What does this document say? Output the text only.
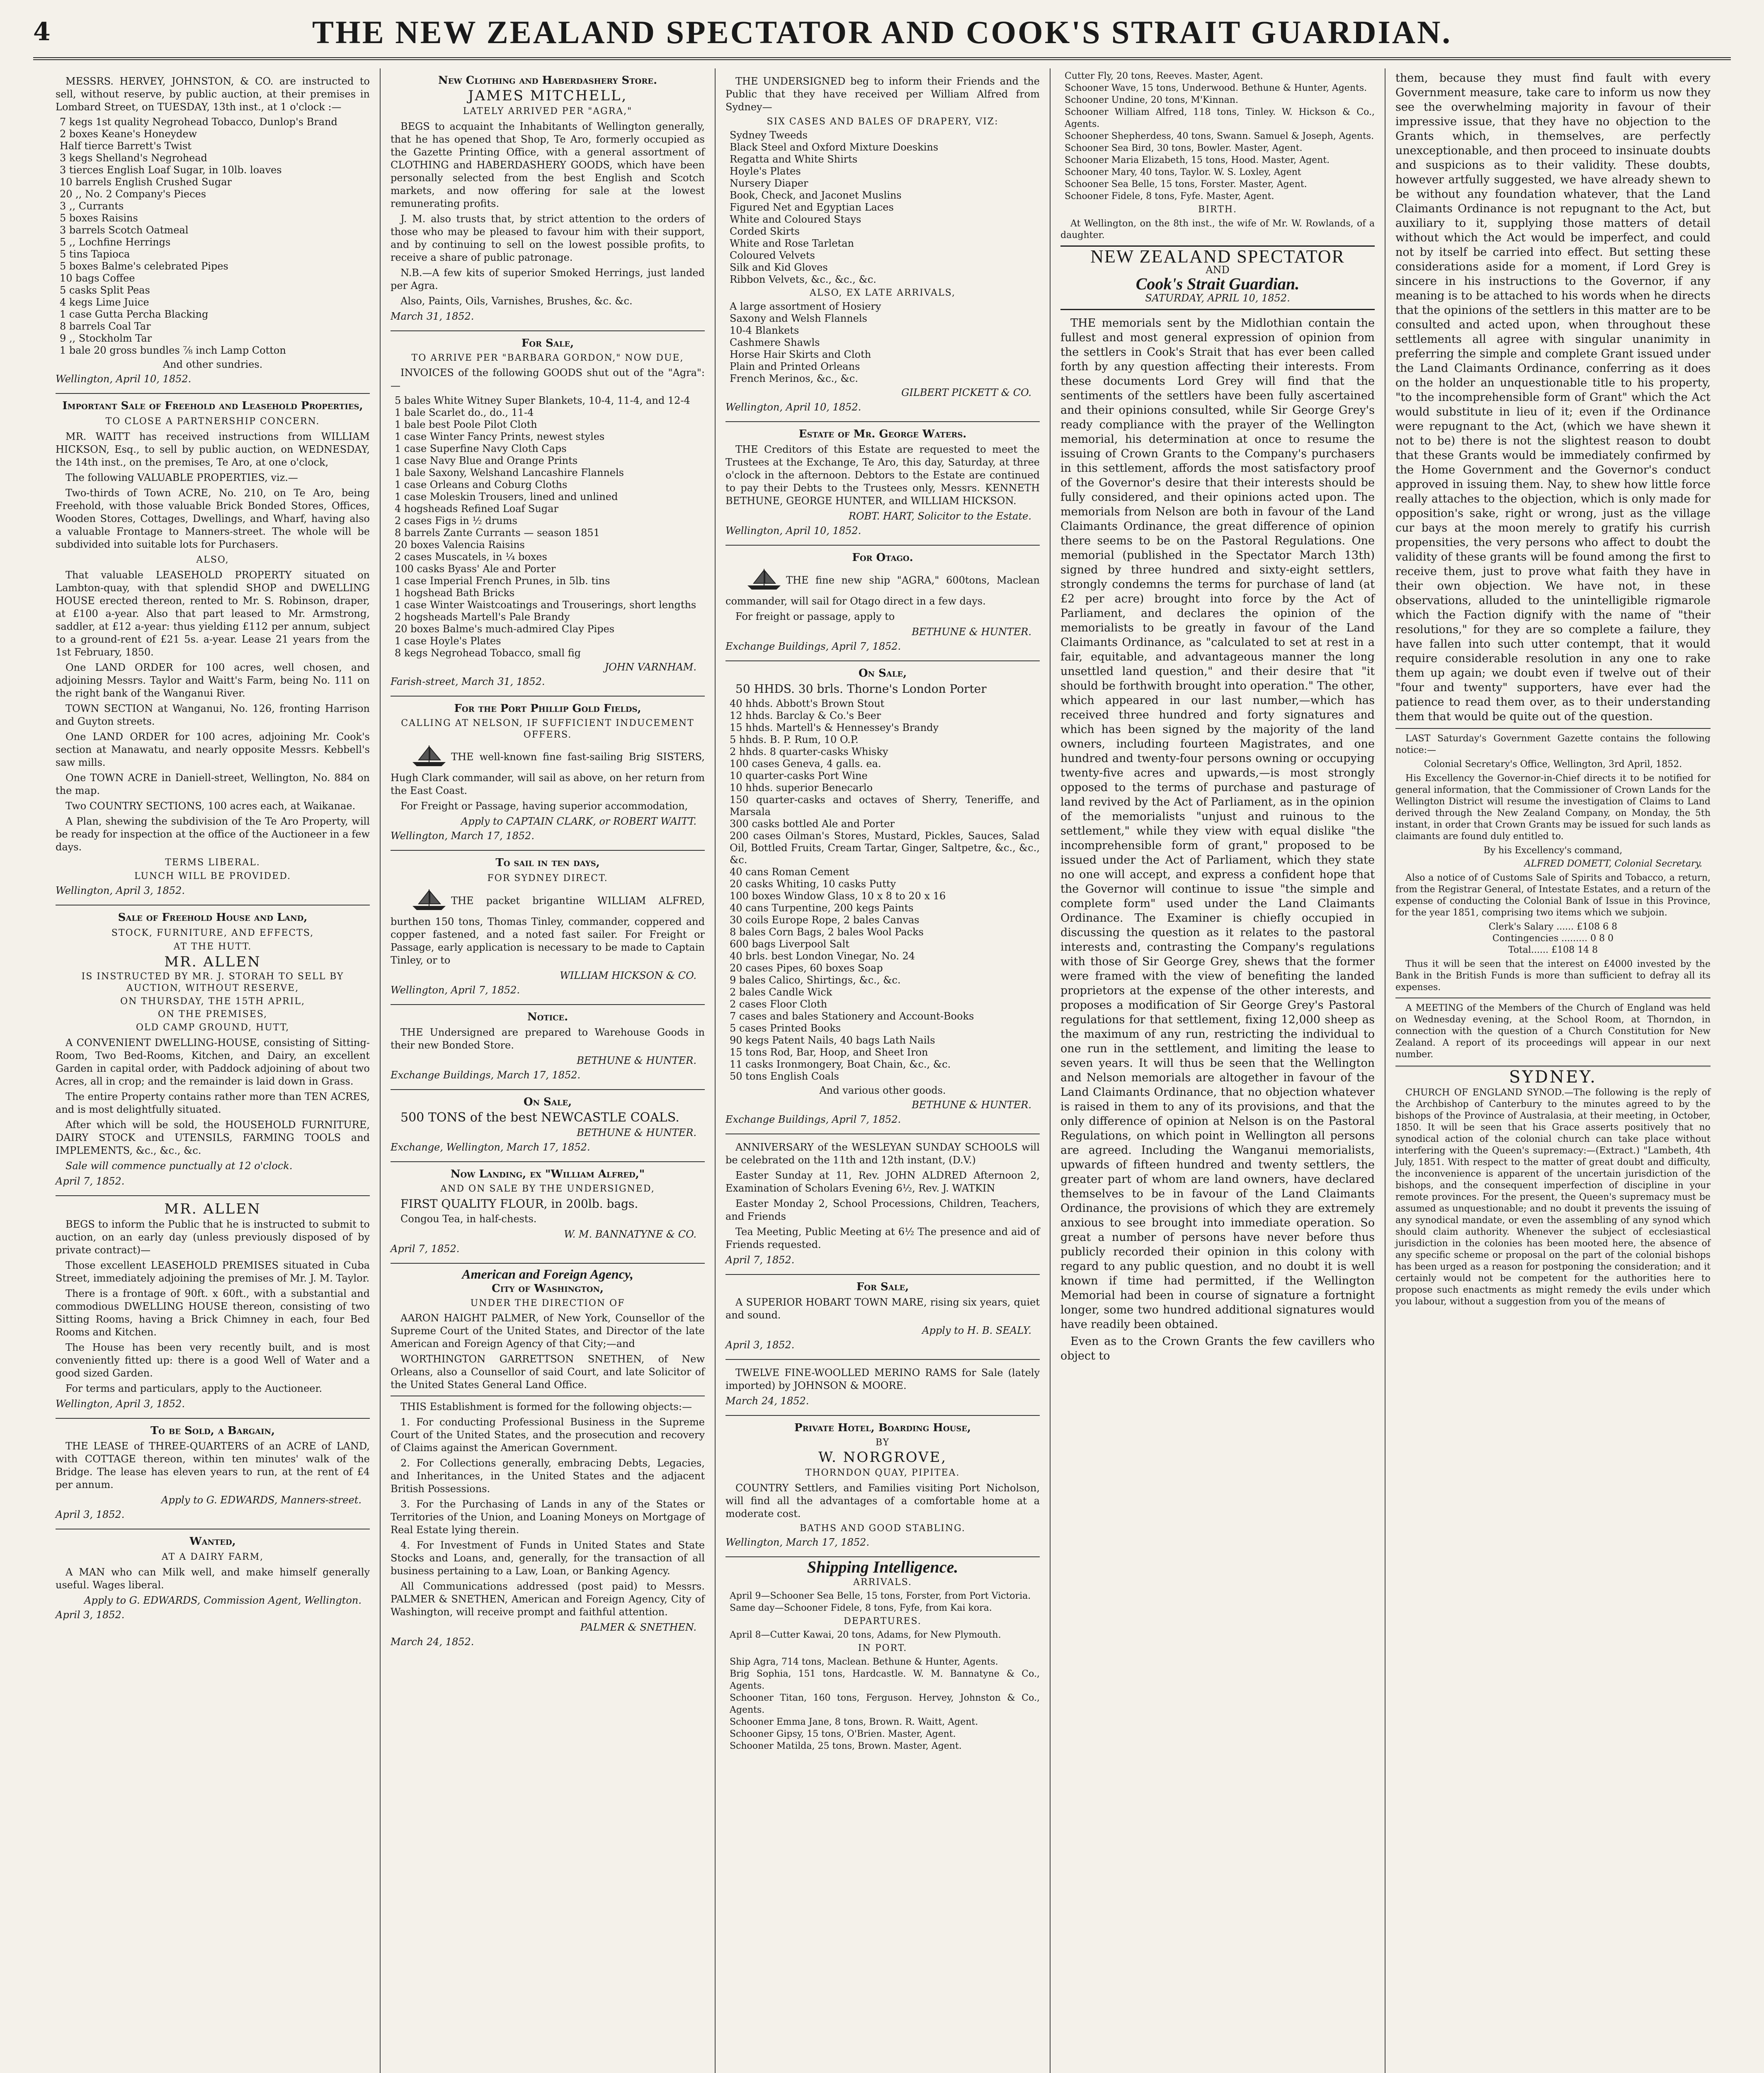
4	THE NEW ZEALAND SPECTATOR AND COOK'S STRAIT GUARDIAN.
MESSRS. HERVEY, JOHNSTON, & CO. are instructed to sell, without reserve, by public auction, at their premises in Lombard Street, on TUESDAY, 13th inst., at 1 o'clock :—
7 kegs 1st quality Negrohead Tobacco, Dunlop's Brand
2 boxes Keane's Honeydew
Half tierce Barrett's Twist
3 kegs Shelland's Negrohead
3 tierces English Loaf Sugar, in 10lb. loaves
10 barrels English Crushed Sugar
20 ,, No. 2 Company's Pieces
3 ,, Currants
5 boxes Raisins
3 barrels Scotch Oatmeal
5 ,, Lochfine Herrings
5 tins Tapioca
5 boxes Balme's celebrated Pipes
10 bags Coffee
5 casks Split Peas
4 kegs Lime Juice
1 case Gutta Percha Blacking
8 barrels Coal Tar
9 ,, Stockholm Tar
1 bale 20 gross bundles ⅞ inch Lamp Cotton
And other sundries.
Wellington, April 10, 1852.
Important Sale of Freehold and Leasehold Properties,
TO CLOSE A PARTNERSHIP CONCERN.
MR. WAITT has received instructions from WILLIAM HICKSON, Esq., to sell by public auction, on WEDNESDAY, the 14th inst., on the premises, Te Aro, at one o'clock,
The following VALUABLE PROPERTIES, viz.—
Two-thirds of Town ACRE, No. 210, on Te Aro, being Freehold, with those valuable Brick Bonded Stores, Offices, Wooden Stores, Cottages, Dwellings, and Wharf, having also a valuable Frontage to Manners-street. The whole will be subdivided into suitable lots for Purchasers.
ALSO,
That valuable LEASEHOLD PROPERTY situated on Lambton-quay, with that splendid SHOP and DWELLING HOUSE erected thereon, rented to Mr. S. Robinson, draper, at £100 a-year. Also that part leased to Mr. Armstrong, saddler, at £12 a-year: thus yielding £112 per annum, subject to a ground-rent of £21 5s. a-year. Lease 21 years from the 1st February, 1850.
One LAND ORDER for 100 acres, well chosen, and adjoining Messrs. Taylor and Waitt's Farm, being No. 111 on the right bank of the Wanganui River.
TOWN SECTION at Wanganui, No. 126, fronting Harrison and Guyton streets.
One LAND ORDER for 100 acres, adjoining Mr. Cook's section at Manawatu, and nearly opposite Messrs. Kebbell's saw mills.
One TOWN ACRE in Daniell-street, Wellington, No. 884 on the map.
Two COUNTRY SECTIONS, 100 acres each, at Waikanae.
A Plan, shewing the subdivision of the Te Aro Property, will be ready for inspection at the office of the Auctioneer in a few days.
TERMS LIBERAL.
LUNCH WILL BE PROVIDED.
Wellington, April 3, 1852.
Sale of Freehold House and Land,
STOCK, FURNITURE, AND EFFECTS,
AT THE HUTT.
MR. ALLEN
IS INSTRUCTED BY MR. J. STORAH TO SELL BY AUCTION, WITHOUT RESERVE,
ON THURSDAY, THE 15TH APRIL,
ON THE PREMISES,
OLD CAMP GROUND, HUTT,
A CONVENIENT DWELLING-HOUSE, consisting of Sitting-Room, Two Bed-Rooms, Kitchen, and Dairy, an excellent Garden in capital order, with Paddock adjoining of about two Acres, all in crop; and the remainder is laid down in Grass.
The entire Property contains rather more than TEN ACRES, and is most delightfully situated.
After which will be sold, the HOUSEHOLD FURNITURE, DAIRY STOCK and UTENSILS, FARMING TOOLS and IMPLEMENTS, &c., &c., &c.
Sale will commence punctually at 12 o'clock.
April 7, 1852.
MR. ALLEN
BEGS to inform the Public that he is instructed to submit to auction, on an early day (unless previously disposed of by private contract)—
Those excellent LEASEHOLD PREMISES situated in Cuba Street, immediately adjoining the premises of Mr. J. M. Taylor.
There is a frontage of 90ft. x 60ft., with a substantial and commodious DWELLING HOUSE thereon, consisting of two Sitting Rooms, having a Brick Chimney in each, four Bed Rooms and Kitchen.
The House has been very recently built, and is most conveniently fitted up: there is a good Well of Water and a good sized Garden.
For terms and particulars, apply to the Auctioneer.
Wellington, April 3, 1852.
To be Sold, a Bargain,
THE LEASE of THREE-QUARTERS of an ACRE of LAND, with COTTAGE thereon, within ten minutes' walk of the Bridge. The lease has eleven years to run, at the rent of £4 per annum.
Apply to G. EDWARDS, Manners-street.
April 3, 1852.
Wanted,
AT A DAIRY FARM,
A MAN who can Milk well, and make himself generally useful. Wages liberal.
Apply to G. EDWARDS, Commission Agent, Wellington.
April 3, 1852.
New Clothing and Haberdashery Store.
JAMES MITCHELL,
LATELY ARRIVED PER "AGRA,"
BEGS to acquaint the Inhabitants of Wellington generally, that he has opened that Shop, Te Aro, formerly occupied as the Gazette Printing Office, with a general assortment of CLOTHING and HABERDASHERY GOODS, which have been personally selected from the best English and Scotch markets, and now offering for sale at the lowest remunerating profits.
J. M. also trusts that, by strict attention to the orders of those who may be pleased to favour him with their support, and by continuing to sell on the lowest possible profits, to receive a share of public patronage.
N.B.—A few kits of superior Smoked Herrings, just landed per Agra.
Also, Paints, Oils, Varnishes, Brushes, &c. &c.
March 31, 1852.
For Sale,
TO ARRIVE PER "BARBARA GORDON," NOW DUE,
INVOICES of the following GOODS shut out of the "Agra":—
5 bales White Witney Super Blankets, 10-4, 11-4, and 12-4
1 bale Scarlet do., do., 11-4
1 bale best Poole Pilot Cloth
1 case Winter Fancy Prints, newest styles
1 case Superfine Navy Cloth Caps
1 case Navy Blue and Orange Prints
1 bale Saxony, Welshand Lancashire Flannels
1 case Orleans and Coburg Cloths
1 case Moleskin Trousers, lined and unlined
4 hogsheads Refined Loaf Sugar
2 cases Figs in ½ drums
8 barrels Zante Currants — season 1851
20 boxes Valencia Raisins
2 cases Muscatels, in ¼ boxes
100 casks Byass' Ale and Porter
1 case Imperial French Prunes, in 5lb. tins
1 hogshead Bath Bricks
1 case Winter Waistcoatings and Trouserings, short lengths
2 hogsheads Martell's Pale Brandy
20 boxes Balme's much-admired Clay Pipes
1 case Hoyle's Plates
8 kegs Negrohead Tobacco, small fig
JOHN VARNHAM.
Farish-street, March 31, 1852.
For the Port Phillip Gold Fields,
CALLING AT NELSON, IF SUFFICIENT INDUCEMENT OFFERS.
THE well-known fine fast-sailing Brig SISTERS, Hugh Clark commander, will sail as above, on her return from the East Coast.
For Freight or Passage, having superior accommodation,
Apply to CAPTAIN CLARK, or ROBERT WAITT.
Wellington, March 17, 1852.
To sail in ten days,
FOR SYDNEY DIRECT.
THE packet brigantine WILLIAM ALFRED, burthen 150 tons, Thomas Tinley, commander, coppered and copper fastened, and a noted fast sailer. For Freight or Passage, early application is necessary to be made to Captain Tinley, or to
WILLIAM HICKSON & CO.
Wellington, April 7, 1852.
Notice.
THE Undersigned are prepared to Warehouse Goods in their new Bonded Store.
BETHUNE & HUNTER.
Exchange Buildings, March 17, 1852.
On Sale,
500 TONS of the best NEWCASTLE COALS.
BETHUNE & HUNTER.
Exchange, Wellington, March 17, 1852.
Now Landing, ex "William Alfred,"
AND ON SALE BY THE UNDERSIGNED,
FIRST QUALITY FLOUR, in 200lb. bags.
Congou Tea, in half-chests.
W. M. BANNATYNE & CO.
April 7, 1852.
American and Foreign Agency,
City of Washington,
UNDER THE DIRECTION OF
AARON HAIGHT PALMER, of New York, Counsellor of the Supreme Court of the United States, and Director of the late American and Foreign Agency of that City;—and
WORTHINGTON GARRETTSON SNETHEN, of New Orleans, also a Counsellor of said Court, and late Solicitor of the United States General Land Office.
THIS Establishment is formed for the following objects:—
1. For conducting Professional Business in the Supreme Court of the United States, and the prosecution and recovery of Claims against the American Government.
2. For Collections generally, embracing Debts, Legacies, and Inheritances, in the United States and the adjacent British Possessions.
3. For the Purchasing of Lands in any of the States or Territories of the Union, and Loaning Moneys on Mortgage of Real Estate lying therein.
4. For Investment of Funds in United States and State Stocks and Loans, and, generally, for the transaction of all business pertaining to a Law, Loan, or Banking Agency.
All Communications addressed (post paid) to Messrs. PALMER & SNETHEN, American and Foreign Agency, City of Washington, will receive prompt and faithful attention.
PALMER & SNETHEN.
March 24, 1852.
THE UNDERSIGNED beg to inform their Friends and the Public that they have received per William Alfred from Sydney—
SIX CASES AND BALES OF DRAPERY, VIZ:
Sydney Tweeds
Black Steel and Oxford Mixture Doeskins
Regatta and White Shirts
Hoyle's Plates
Nursery Diaper
Book, Check, and Jaconet Muslins
Figured Net and Egyptian Laces
White and Coloured Stays
Corded Skirts
White and Rose Tarletan
Coloured Velvets
Silk and Kid Gloves
Ribbon Velvets, &c., &c., &c.
ALSO, EX LATE ARRIVALS,
A large assortment of Hosiery
Saxony and Welsh Flannels
10-4 Blankets
Cashmere Shawls
Horse Hair Skirts and Cloth
Plain and Printed Orleans
French Merinos, &c., &c.
GILBERT PICKETT & CO.
Wellington, April 10, 1852.
Estate of Mr. George Waters.
THE Creditors of this Estate are requested to meet the Trustees at the Exchange, Te Aro, this day, Saturday, at three o'clock in the afternoon. Debtors to the Estate are continued to pay their Debts to the Trustees only, Messrs. KENNETH BETHUNE, GEORGE HUNTER, and WILLIAM HICKSON.
ROBT. HART, Solicitor to the Estate.
Wellington, April 10, 1852.
For Otago.
THE fine new ship "AGRA," 600tons, Maclean commander, will sail for Otago direct in a few days.
For freight or passage, apply to
BETHUNE & HUNTER.
Exchange Buildings, April 7, 1852.
On Sale,
50 HHDS. 30 brls. Thorne's London Porter
40 hhds. Abbott's Brown Stout
12 hhds. Barclay & Co.'s Beer
15 hhds. Martell's & Hennessey's Brandy
5 hhds. B. P. Rum, 10 O.P.
2 hhds. 8 quarter-casks Whisky
100 cases Geneva, 4 galls. ea.
10 quarter-casks Port Wine
10 hhds. superior Benecarlo
150 quarter-casks and octaves of Sherry, Teneriffe, and Marsala
300 casks bottled Ale and Porter
200 cases Oilman's Stores, Mustard, Pickles, Sauces, Salad Oil, Bottled Fruits, Cream Tartar, Ginger, Saltpetre, &c., &c., &c.
40 cans Roman Cement
20 casks Whiting, 10 casks Putty
100 boxes Window Glass, 10 x 8 to 20 x 16
40 cans Turpentine, 200 kegs Paints
30 coils Europe Rope, 2 bales Canvas
8 bales Corn Bags, 2 bales Wool Packs
600 bags Liverpool Salt
40 brls. best London Vinegar, No. 24
20 cases Pipes, 60 boxes Soap
9 bales Calico, Shirtings, &c., &c.
2 bales Candle Wick
2 cases Floor Cloth
7 cases and bales Stationery and Account-Books
5 cases Printed Books
90 kegs Patent Nails, 40 bags Lath Nails
15 tons Rod, Bar, Hoop, and Sheet Iron
11 casks Ironmongery, Boat Chain, &c., &c.
50 tons English Coals
And various other goods.
BETHUNE & HUNTER.
Exchange Buildings, April 7, 1852.
ANNIVERSARY of the WESLEYAN SUNDAY SCHOOLS will be celebrated on the 11th and 12th instant, (D.V.)
Easter Sunday at 11, Rev. JOHN ALDRED Afternoon 2, Examination of Scholars Evening 6½, Rev. J. WATKIN
Easter Monday 2, School Processions, Children, Teachers, and Friends
Tea Meeting, Public Meeting at 6½ The presence and aid of Friends requested.
April 7, 1852.
For Sale,
A SUPERIOR HOBART TOWN MARE, rising six years, quiet and sound.
Apply to H. B. SEALY.
April 3, 1852.
TWELVE FINE-WOOLLED MERINO RAMS for Sale (lately imported) by JOHNSON & MOORE.
March 24, 1852.
Private Hotel, Boarding House,
BY
W. NORGROVE,
THORNDON QUAY, PIPITEA.
COUNTRY Settlers, and Families visiting Port Nicholson, will find all the advantages of a comfortable home at a moderate cost.
BATHS AND GOOD STABLING.
Wellington, March 17, 1852.
Shipping Intelligence.
ARRIVALS.
April 9—Schooner Sea Belle, 15 tons, Forster, from Port Victoria.
Same day—Schooner Fidele, 8 tons, Fyfe, from Kai kora.
DEPARTURES.
April 8—Cutter Kawai, 20 tons, Adams, for New Plymouth.
IN PORT.
Ship Agra, 714 tons, Maclean. Bethune & Hunter, Agents.
Brig Sophia, 151 tons, Hardcastle. W. M. Bannatyne & Co., Agents.
Schooner Titan, 160 tons, Ferguson. Hervey, Johnston & Co., Agents.
Schooner Emma Jane, 8 tons, Brown. R. Waitt, Agent.
Schooner Gipsy, 15 tons, O'Brien. Master, Agent.
Schooner Matilda, 25 tons, Brown. Master, Agent.
Cutter Fly, 20 tons, Reeves. Master, Agent.
Schooner Wave, 15 tons, Underwood. Bethune & Hunter, Agents.
Schooner Undine, 20 tons, M'Kinnan.
Schooner William Alfred, 118 tons, Tinley. W. Hickson & Co., Agents.
Schooner Shepherdess, 40 tons, Swann. Samuel & Joseph, Agents.
Schooner Sea Bird, 30 tons, Bowler. Master, Agent.
Schooner Maria Elizabeth, 15 tons, Hood. Master, Agent.
Schooner Mary, 40 tons, Taylor. W. S. Loxley, Agent
Schooner Sea Belle, 15 tons, Forster. Master, Agent.
Schooner Fidele, 8 tons, Fyfe. Master, Agent.
BIRTH.
At Wellington, on the 8th inst., the wife of Mr. W. Rowlands, of a daughter.
NEW ZEALAND SPECTATOR
AND
Cook's Strait Guardian.
SATURDAY, APRIL 10, 1852.
THE memorials sent by the Midlothian contain the fullest and most general expression of opinion from the settlers in Cook's Strait that has ever been called forth by any question affecting their interests. From these documents Lord Grey will find that the sentiments of the settlers have been fully ascertained and their opinions consulted, while Sir George Grey's ready compliance with the prayer of the Wellington memorial, his determination at once to resume the issuing of Crown Grants to the Company's purchasers in this settlement, affords the most satisfactory proof of the Governor's desire that their interests should be fully considered, and their opinions acted upon. The memorials from Nelson are both in favour of the Land Claimants Ordinance, the great difference of opinion there seems to be on the Pastoral Regulations. One memorial (published in the Spectator March 13th) signed by three hundred and sixty-eight settlers, strongly condemns the terms for purchase of land (at £2 per acre) brought into force by the Act of Parliament, and declares the opinion of the memorialists to be greatly in favour of the Land Claimants Ordinance, as "calculated to set at rest in a fair, equitable, and advantageous manner the long unsettled land question," and their desire that "it should be forthwith brought into operation." The other, which appeared in our last number,—which has received three hundred and forty signatures and which has been signed by the majority of the land owners, including fourteen Magistrates, and one hundred and twenty-four persons owning or occupying twenty-five acres and upwards,—is most strongly opposed to the terms of purchase and pasturage of land revived by the Act of Parliament, as in the opinion of the memorialists "unjust and ruinous to the settlement," while they view with equal dislike "the incomprehensible form of grant," proposed to be issued under the Act of Parliament, which they state no one will accept, and express a confident hope that the Governor will continue to issue "the simple and complete form" used under the Land Claimants Ordinance. The Examiner is chiefly occupied in discussing the question as it relates to the pastoral interests and, contrasting the Company's regulations with those of Sir George Grey, shews that the former were framed with the view of benefiting the landed proprietors at the expense of the other interests, and proposes a modification of Sir George Grey's Pastoral regulations for that settlement, fixing 12,000 sheep as the maximum of any run, restricting the individual to one run in the settlement, and limiting the lease to seven years. It will thus be seen that the Wellington and Nelson memorials are altogether in favour of the Land Claimants Ordinance, that no objection whatever is raised in them to any of its provisions, and that the only difference of opinion at Nelson is on the Pastoral Regulations, on which point in Wellington all persons are agreed. Including the Wanganui memorialists, upwards of fifteen hundred and twenty settlers, the greater part of whom are land owners, have declared themselves to be in favour of the Land Claimants Ordinance, the provisions of which they are extremely anxious to see brought into immediate operation. So great a number of persons have never before thus publicly recorded their opinion in this colony with regard to any public question, and no doubt it is well known if time had permitted, if the Wellington Memorial had been in course of signature a fortnight longer, some two hundred additional signatures would have readily been obtained.
Even as to the Crown Grants the few cavillers who object to
them, because they must find fault with every Government measure, take care to inform us now they see the overwhelming majority in favour of their impressive issue, that they have no objection to the Grants which, in themselves, are perfectly unexceptionable, and then proceed to insinuate doubts and suspicions as to their validity. These doubts, however artfully suggested, we have already shewn to be without any foundation whatever, that the Land Claimants Ordinance is not repugnant to the Act, but auxiliary to it, supplying those matters of detail without which the Act would be imperfect, and could not by itself be carried into effect. But setting these considerations aside for a moment, if Lord Grey is sincere in his instructions to the Governor, if any meaning is to be attached to his words when he directs that the opinions of the settlers in this matter are to be consulted and acted upon, when throughout these settlements all agree with singular unanimity in preferring the simple and complete Grant issued under the Land Claimants Ordinance, conferring as it does on the holder an unquestionable title to his property, "to the incomprehensible form of Grant" which the Act would substitute in lieu of it; even if the Ordinance were repugnant to the Act, (which we have shewn it not to be) there is not the slightest reason to doubt that these Grants would be immediately confirmed by the Home Government and the Governor's conduct approved in issuing them. Nay, to shew how little force really attaches to the objection, which is only made for opposition's sake, right or wrong, just as the village cur bays at the moon merely to gratify his currish propensities, the very persons who affect to doubt the validity of these grants will be found among the first to receive them, just to prove what faith they have in their own objection. We have not, in these observations, alluded to the unintelligible rigmarole which the Faction dignify with the name of "their resolutions," for they are so complete a failure, they have fallen into such utter contempt, that it would require considerable resolution in any one to rake them up again; we doubt even if twelve out of their "four and twenty" supporters, have ever had the patience to read them over, as to their understanding them that would be quite out of the question.
LAST Saturday's Government Gazette contains the following notice:—
Colonial Secretary's Office, Wellington, 3rd April, 1852.
His Excellency the Governor-in-Chief directs it to be notified for general information, that the Commissioner of Crown Lands for the Wellington District will resume the investigation of Claims to Land derived through the New Zealand Company, on Monday, the 5th instant, in order that Crown Grants may be issued for such lands as claimants are found duly entitled to.
By his Excellency's command,
ALFRED DOMETT, Colonial Secretary.
Also a notice of of Customs Sale of Spirits and Tobacco, a return, from the Registrar General, of Intestate Estates, and a return of the expense of conducting the Colonial Bank of Issue in this Province, for the year 1851, comprising two items which we subjoin.
Clerk's Salary ...... £108 6 8
Contingencies ......... 0 8 0
Total...... £108 14 8
Thus it will be seen that the interest on £4000 invested by the Bank in the British Funds is more than sufficient to defray all its expenses.
A MEETING of the Members of the Church of England was held on Wednesday evening, at the School Room, at Thorndon, in connection with the question of a Church Constitution for New Zealand. A report of its proceedings will appear in our next number.
SYDNEY.
CHURCH OF ENGLAND SYNOD.—The following is the reply of the Archbishop of Canterbury to the minutes agreed to by the bishops of the Province of Australasia, at their meeting, in October, 1850. It will be seen that his Grace asserts positively that no synodical action of the colonial church can take place without interfering with the Queen's supremacy:—(Extract.) "Lambeth, 4th July, 1851. With respect to the matter of great doubt and difficulty, the inconvenience is apparent of the uncertain jurisdiction of the bishops, and the consequent imperfection of discipline in your remote provinces. For the present, the Queen's supremacy must be assumed as unquestionable; and no doubt it prevents the issuing of any synodical mandate, or even the assembling of any synod which should claim authority. Whenever the subject of ecclesiastical jurisdiction in the colonies has been mooted here, the absence of any specific scheme or proposal on the part of the colonial bishops has been urged as a reason for postponing the consideration; and it certainly would not be competent for the authorities here to propose such enactments as might remedy the evils under which you labour, without a suggestion from you of the means of
